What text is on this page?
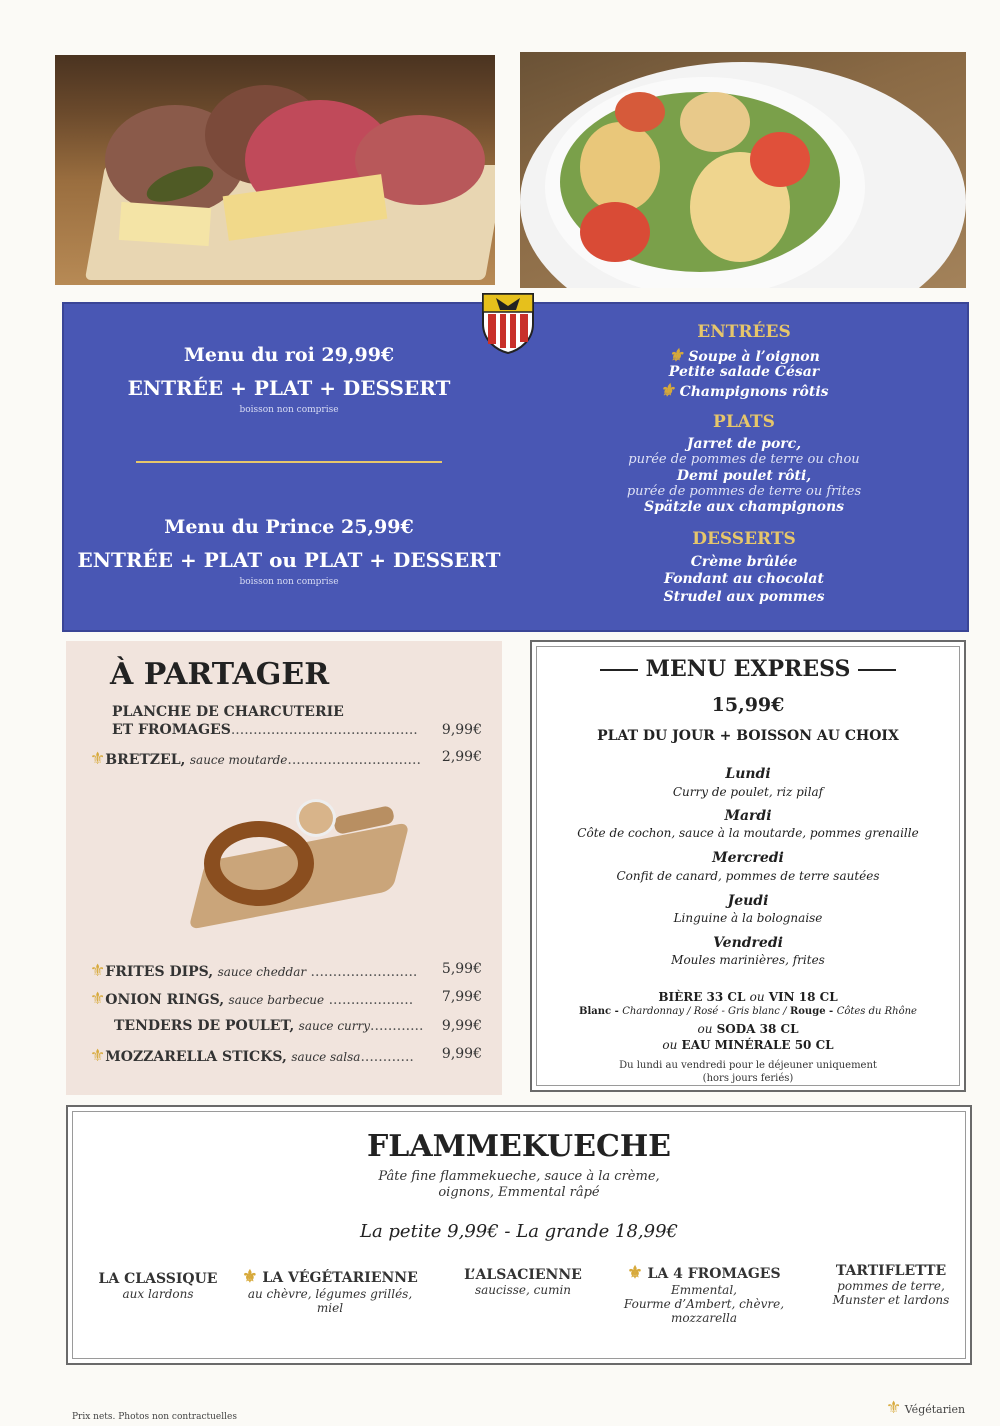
Menu du roi 29,99€
ENTRÉE + PLAT + DESSERT
boisson non comprise
Menu du Prince 25,99€
ENTRÉE + PLAT ou PLAT + DESSERT
boisson non comprise
ENTRÉES
⚜ Soupe à l’oignon
Petite salade César
⚜ Champignons rôtis
PLATS
Jarret de porc,
purée de pommes de terre ou chou
Demi poulet rôti,
purée de pommes de terre ou frites
Spätzle aux champignons
DESSERTS
Crème brûlée
Fondant au chocolat
Strudel aux pommes
À PARTAGER
PLANCHE DE CHARCUTERIE
ET FROMAGES.......................................... 9,99€
⚜BRETZEL, sauce moutarde.............................. 2,99€
⚜FRITES DIPS, sauce cheddar ........................ 5,99€
⚜ONION RINGS, sauce barbecue ................... 7,99€
TENDERS DE POULET, sauce curry............ 9,99€
⚜MOZZARELLA STICKS, sauce salsa............ 9,99€
MENU EXPRESS
15,99€
PLAT DU JOUR + BOISSON AU CHOIX
Lundi
Curry de poulet, riz pilaf
Mardi
Côte de cochon, sauce à la moutarde, pommes grenaille
Mercredi
Confit de canard, pommes de terre sautées
Jeudi
Linguine à la bolognaise
Vendredi
Moules marinières, frites
BIÈRE 33 CL ou VIN 18 CL
Blanc - Chardonnay / Rosé - Gris blanc / Rouge - Côtes du Rhône
ou SODA 38 CL
ou EAU MINÉRALE 50 CL
Du lundi au vendredi pour le déjeuner uniquement
(hors jours feriés)
FLAMMEKUECHE
Pâte fine flammekueche, sauce à la crème,
oignons, Emmental râpé
La petite 9,99€ - La grande 18,99€
LA CLASSIQUE
aux lardons
⚜ LA VÉGÉTARIENNE
au chèvre, légumes grillés,
miel
L’ALSACIENNE
saucisse, cumin
⚜ LA 4 FROMAGES
Emmental,
Fourme d’Ambert, chèvre,
mozzarella
TARTIFLETTE
pommes de terre,
Munster et lardons
Prix nets. Photos non contractuelles	⚜ Végétarien
